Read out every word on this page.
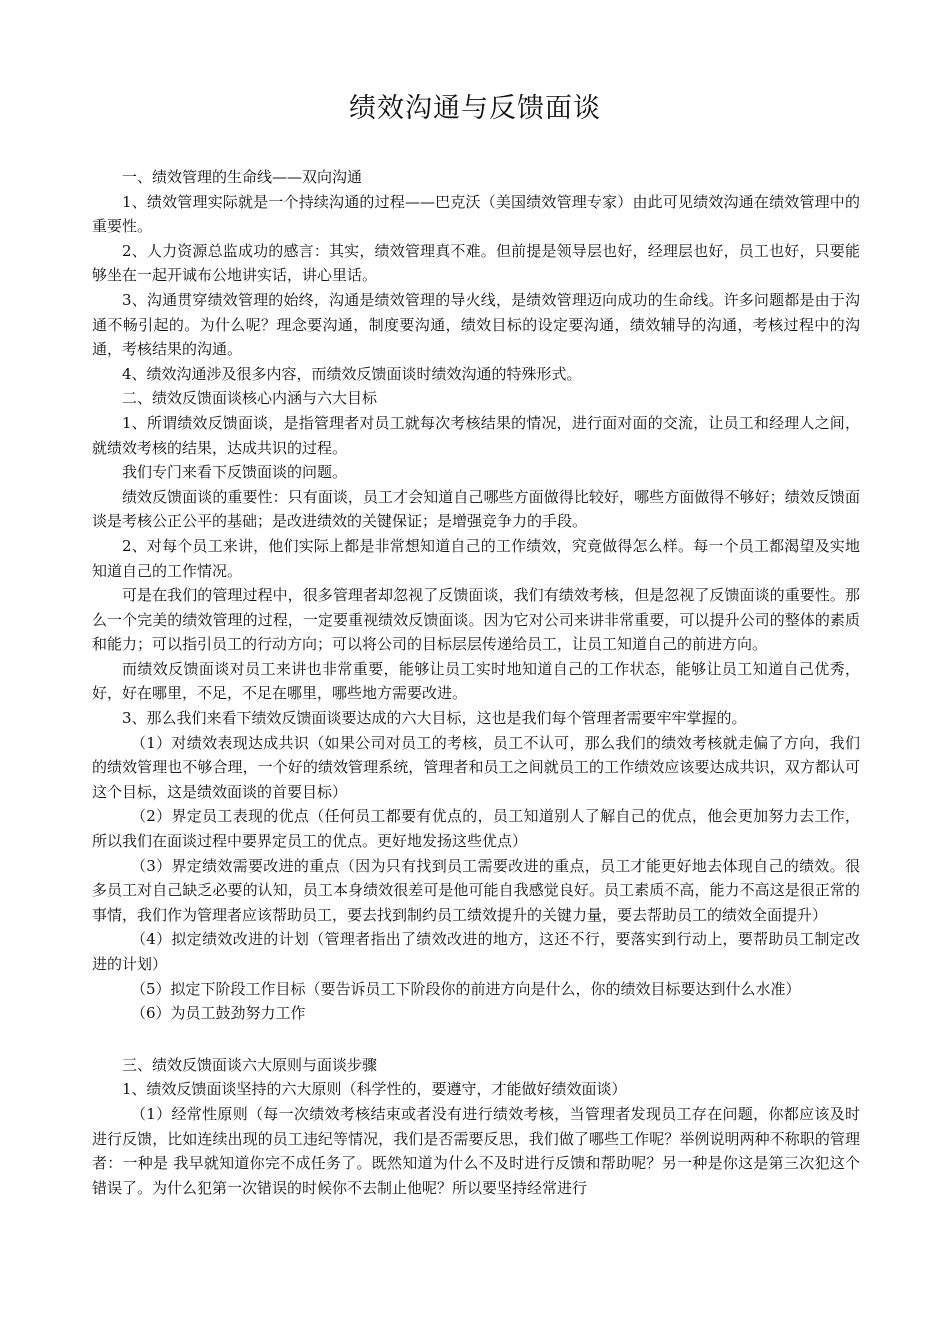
绩效沟通与反馈面谈

一、绩效管理的生命线——双向沟通

1、绩效管理实际就是一个持续沟通的过程——巴克沃（美国绩效管理专家）由此可见绩效沟通在绩效管理中的重要性。

2、人力资源总监成功的感言：其实，绩效管理真不难。但前提是领导层也好，经理层也好，员工也好，只要能够坐在一起开诚布公地讲实话，讲心里话。

3、沟通贯穿绩效管理的始终，沟通是绩效管理的导火线，是绩效管理迈向成功的生命线。许多问题都是由于沟通不畅引起的。为什么呢？理念要沟通，制度要沟通，绩效目标的设定要沟通，绩效辅导的沟通，考核过程中的沟通，考核结果的沟通。

4、绩效沟通涉及很多内容，而绩效反馈面谈时绩效沟通的特殊形式。

二、绩效反馈面谈核心内涵与六大目标

1、所谓绩效反馈面谈，是指管理者对员工就每次考核结果的情况，进行面对面的交流，让员工和经理人之间，就绩效考核的结果，达成共识的过程。

我们专门来看下反馈面谈的问题。

绩效反馈面谈的重要性：只有面谈，员工才会知道自己哪些方面做得比较好，哪些方面做得不够好；绩效反馈面谈是考核公正公平的基础；是改进绩效的关键保证；是增强竞争力的手段。

2、对每个员工来讲，他们实际上都是非常想知道自己的工作绩效，究竟做得怎么样。每一个员工都渴望及实地知道自己的工作情况。

可是在我们的管理过程中，很多管理者却忽视了反馈面谈，我们有绩效考核，但是忽视了反馈面谈的重要性。那么一个完美的绩效管理的过程，一定要重视绩效反馈面谈。因为它对公司来讲非常重要，可以提升公司的整体的素质和能力；可以指引员工的行动方向；可以将公司的目标层层传递给员工，让员工知道自己的前进方向。

而绩效反馈面谈对员工来讲也非常重要，能够让员工实时地知道自己的工作状态，能够让员工知道自己优秀，好，好在哪里，不足，不足在哪里，哪些地方需要改进。

3、那么我们来看下绩效反馈面谈要达成的六大目标，这也是我们每个管理者需要牢牢掌握的。

（1）对绩效表现达成共识（如果公司对员工的考核，员工不认可，那么我们的绩效考核就走偏了方向，我们的绩效管理也不够合理，一个好的绩效管理系统，管理者和员工之间就员工的工作绩效应该要达成共识，双方都认可这个目标，这是绩效面谈的首要目标）

（2）界定员工表现的优点（任何员工都要有优点的，员工知道别人了解自己的优点，他会更加努力去工作，所以我们在面谈过程中要界定员工的优点。更好地发扬这些优点）

（3）界定绩效需要改进的重点（因为只有找到员工需要改进的重点，员工才能更好地去体现自己的绩效。很多员工对自己缺乏必要的认知，员工本身绩效很差可是他可能自我感觉良好。员工素质不高，能力不高这是很正常的事情，我们作为管理者应该帮助员工，要去找到制约员工绩效提升的关键力量，要去帮助员工的绩效全面提升）

（4）拟定绩效改进的计划（管理者指出了绩效改进的地方，这还不行，要落实到行动上，要帮助员工制定改进的计划）

（5）拟定下阶段工作目标（要告诉员工下阶段你的前进方向是什么，你的绩效目标要达到什么水准）

（6）为员工鼓劲努力工作

三、绩效反馈面谈六大原则与面谈步骤

1、绩效反馈面谈坚持的六大原则（科学性的，要遵守，才能做好绩效面谈）

（1）经常性原则（每一次绩效考核结束或者没有进行绩效考核，当管理者发现员工存在问题，你都应该及时进行反馈，比如连续出现的员工违纪等情况，我们是否需要反思，我们做了哪些工作呢？举例说明两种不称职的管理者：一种是 我早就知道你完不成任务了。既然知道为什么不及时进行反馈和帮助呢？另一种是你这是第三次犯这个错误了。为什么犯第一次错误的时候你不去制止他呢？所以要坚持经常进行
